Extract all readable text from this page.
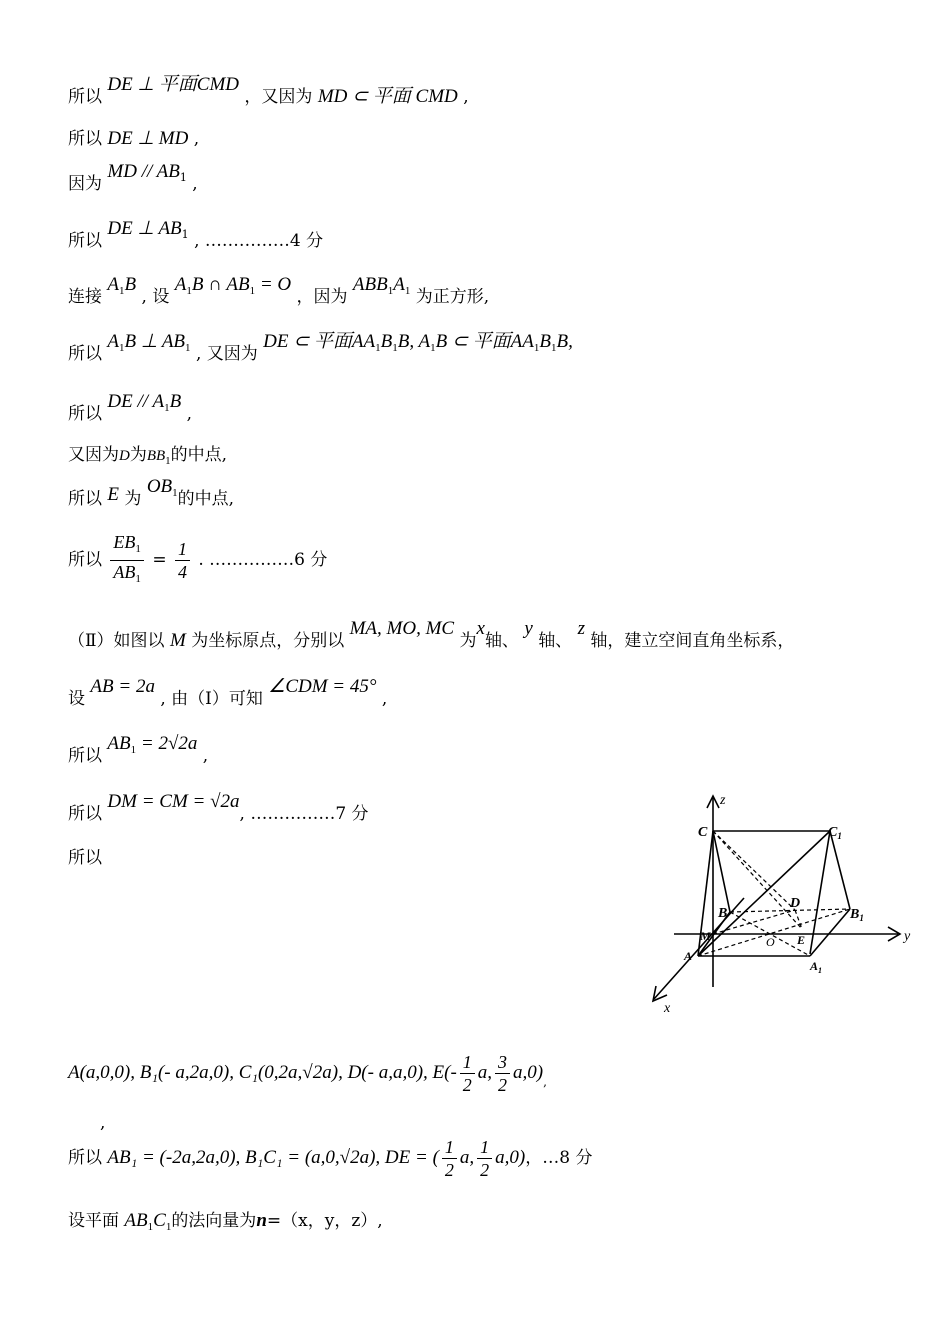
所以 DE ⊥ 平面CMD ，又因为 MD ⊂ 平面 CMD ,
所以 DE ⊥ MD ,
因为 MD // $AB_1$ ,
所以 DE ⊥ $AB_1$ , ……………4 分
连接 $A_1B$ , 设 $A_1B$ ∩ $AB_1 = O$ ，因为 $ABB_1A_1$ 为正方形,
所以 $A_1B$ ⊥ $AB_1$ , 又因为 DE ⊂ 平面$AA_1B_1B$, $A_1B$ ⊂ 平面$AA_1B_1B$,
所以 DE // $A_1B$ ,
又因为D为$BB_1$的中点,
所以 E 为 $OB_1$的中点,
所以 $\frac{EB_1}{AB_1} = \frac{1}{4}$ . ……………6 分
（Ⅱ）如图以 M 为坐标原点，分别以 MA, MO, MC 为x轴、 y 轴、 z 轴，建立空间直角坐标系，
设 AB = 2a , 由（Ⅰ）可知 ∠CDM = 45° ,
所以 $AB_1 = 2√2a$ ,
所以 DM = CM = √2a, ……………7 分
所以
z
y
x
C	$C_1$
D
B	$B_1$
M	O E
A
$A_1$
A(a,0,0), B₁(- a,2a,0), C₁(0,2a,√2a), D(- a,a,0), $E(- \frac{1}{2} a$, $\frac{3}{2} a,0)_,$
,
所以 AB₁ = (-2a,2a,0), B₁C₁ = (a,0,√2a), DE = ( $\frac{1}{2} a$, $\frac{1}{2} a,0$)，…8 分
设平面 $AB_1C_1$的法向量为n=（x，y，z）,
